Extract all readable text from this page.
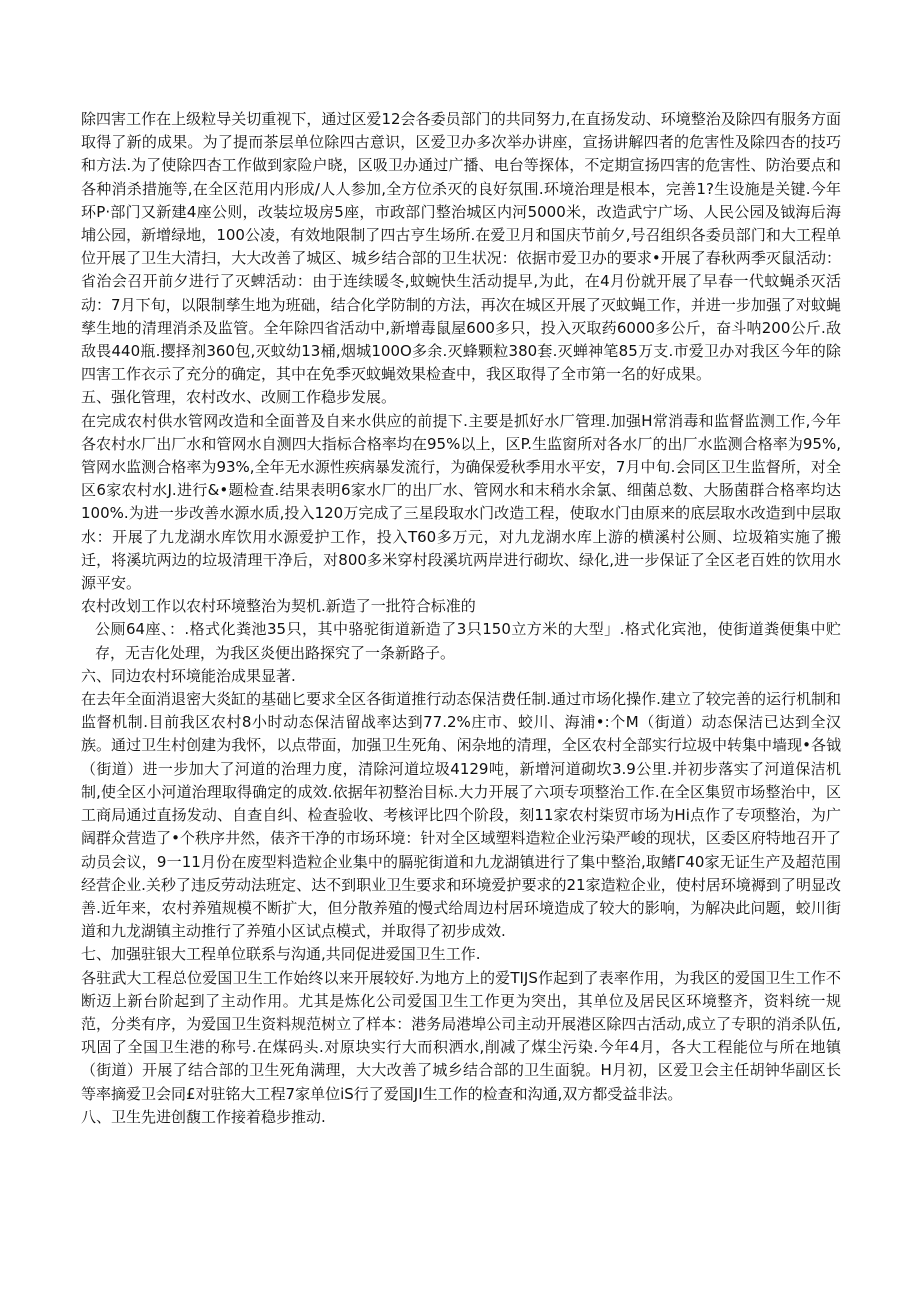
除四害工作在上级粒导关切重视下，通过区爱12会各委员部门的共同努力,在直扬发动、环境整治及除四有服务方面取得了新的成果。为了提而茶层单位除四古意识，区爱卫办多次举办讲座，宣扬讲解四者的危害性及除四杏的技巧和方法.为了使除四杏工作做到家险户晓，区吸卫办通过广播、电台等探体，不定期宣扬四害的危害性、防治要点和各种消杀措施等,在全区范用内形成/人人参加,全方位杀灭的良好氛围.环境治理是根本，完善1?生设施是关键.今年环P·部门又新建4座公则，改装垃圾房5座，市政部门整治城区内河5000米，改造武宁广场、人民公园及钺海后海埔公园，新增绿地，100公凌，有效地限制了四古亨生场所.在爱卫月和国庆节前夕,号召组织各委员部门和大工程单位开展了卫生大清扫，大大改善了城区、城乡结合部的卫生状况：依据市爱卫办的要求•开展了春秋两季灭鼠活动：省治会召开前夕进行了灭蜱活动：由于连续暖冬,蚊蜿快生活动提早,为此，在4月份就开展了早春一代蚊蝇杀灭活动：7月下旬，以限制孳生地为班础，结合化学防制的方法，再次在城区开展了灭蚊蝇工作，并进一步加强了对蚊蝇孳生地的清理消杀及监管。全年除四省活动中,新增毒鼠屋600多只，投入灭取药6000多公斤，奋斗呐200公斤.敌敌畏440瓶.撄择剂360包,灭蚊幼13桶,烟城100O多余.灭蜂颗粒380套.灭蝉神笔85万支.市爱卫办对我区今年的除四害工作衣示了充分的确定，其中在免季灭蚊蝇效果检查中，我区取得了全市第一名的好成果。

五、强化管理，农村改水、改厕工作稳步发展。

在完成农村供水管网改造和全面普及自来水供应的前提下.主要是抓好水厂管理.加强H常消毒和监督监测工作,今年各农村水厂出厂水和管网水自测四大指标合格率均在95%以上，区P.生监窗所对各水厂的出厂水监测合格率为95%,管网水监测合格率为93%,全年无水源性疾病暴发流行，为确保爱秋季用水平安，7月中旬.会同区卫生监督所，对全区6家农村水J.进行&•题检查.结果表明6家水厂的出厂水、管网水和末稍水余氯、细菌总数、大肠菌群合格率均达100%.为进一步改善水源水质,投入120万完成了三星段取水门改造工程，使取水门由原来的底层取水改造到中层取水：开展了九龙湖水库饮用水源爱护工作，投入T60多万元，对九龙湖水库上游的横溪村公厕、垃圾箱实施了搬迁，将溪坑两边的垃圾清理干净后，对800多米穿村段溪坑两岸进行砌坎、绿化,进一步保证了全区老百姓的饮用水源平安。

农村改划工作以农村环境整治为契机.新造了一批符合标准的

公厕64座、：.格式化粪池35只，其中骆驼街道新造了3只150立方米的大型」.格式化宾池，使街道粪便集中贮存，无吉化处理，为我区炎便出路探究了一条新路子。

六、同边农村环境能治成果显著.

在去年全面消退密大炎缸的基础匕要求全区各街道推行动态保洁费任制.通过市场化操作.建立了较完善的运行机制和监督机制.目前我区农村8小时动态保洁留战率达到77.2%庄市、蛟川、海浦•:个M（街道）动态保洁已达到全汉族。通过卫生村创建为我怀，以点带面，加强卫生死角、闲杂地的清理，全区农村全部实行垃圾中转集中墙现•各钺（街道）进一步加大了河道的治理力度，清除河道垃圾4129吨，新增河道砌坎3.9公里.并初步落实了河道保洁机制,使全区小河道治理取得确定的成效.依据年初整治目标.大力开展了六项专项整治工作.在全区集贸市场整治中，区工商局通过直扬发动、自查自纠、检查验收、考核评比四个阶段，刻11家农村柒贸市场为Hi点作了专项整治，为广阔群众营造了•个秩序井然，俵齐干净的市场环境：针对全区域塑料造粒企业污染严峻的现状，区委区府特地召开了动员会议，9一11月份在废型料造粒企业集中的膈驼街道和九龙湖镇进行了集中整治,取鳍Г40家无证生产及超范围经营企业.关秒了违反劳动法班定、达不到职业卫生要求和环境爱护要求的21家造粒企业，使村居环境褥到了明显改善.近年来，农村养殖规模不断扩大，但分散养殖的慢式给周边村居环境造成了较大的影响，为解决此问题，蛟川街道和九龙湖镇主动推行了养殖小区试点模式，并取得了初步成效.

七、加强驻银大工程单位联系与沟通,共同促进爱国卫生工作.

各驻武大工程总位爱国卫生工作始终以来开展较好.为地方上的爱TIJS作起到了表率作用，为我区的爱国卫生工作不断迈上新台阶起到了主动作用。尤其是炼化公司爱国卫生工作更为突出，其单位及居民区环境整齐，资料统一规范，分类有序，为爱国卫生资料规范树立了样本：港务局港埠公司主动开展港区除四古活动,成立了专职的消杀队伍,巩固了全国卫生港的称号.在煤码头.对原块实行大而积洒水,削减了煤尘污染.今年4月，各大工程能位与所在地镇（街道）开展了结合部的卫生死角满理，大大改善了城乡结合部的卫生面貌。H月初，区爱卫会主任胡钟华副区长等率摘爱卫会同£对驻铭大工程7家单位iS行了爱国JI生工作的检查和沟通,双方都受益非法。

八、卫生先进创馥工作接着稳步推动.
